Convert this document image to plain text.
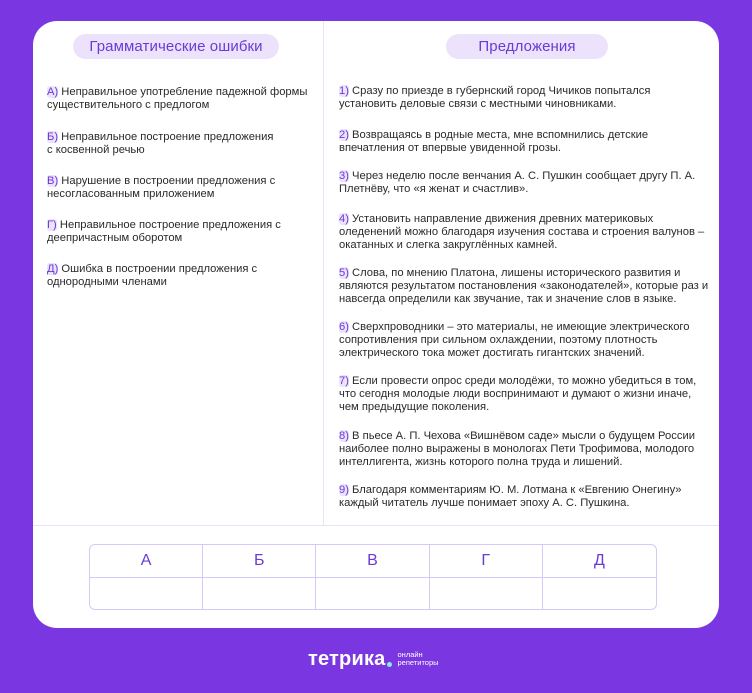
Грамматические ошибки	Предложения
А) Неправильное употребление падежной формы существительного с предлогом
Б) Неправильное построение предложения с косвенной речью
В) Нарушение в построении предложения с несогласованным приложением
Г) Неправильное построение предложения с деепричастным оборотом
Д) Ошибка в построении предложения с однородными членами
1) Сразу по приезде в губернский город Чичиков попытался установить деловые связи с местными чиновниками.
2) Возвращаясь в родные места, мне вспомнились детские впечатления от впервые увиденной грозы.
3) Через неделю после венчания А. С. Пушкин сообщает другу П. А. Плетнёву, что «я женат и счастлив».
4) Установить направление движения древних материковых оледенений можно благодаря изучения состава и строения валунов – окатанных и слегка закруглённых камней.
5) Слова, по мнению Платона, лишены исторического развития и являются результатом постановления «законодателей», которые раз и навсегда определили как звучание, так и значение слов в языке.
6) Сверхпроводники – это материалы, не имеющие электрического сопротивления при сильном охлаждении, поэтому плотность электрического тока может достигать гигантских значений.
7) Если провести опрос среди молодёжи, то можно убедиться в том, что сегодня молодые люди воспринимают и думают о жизни иначе, чем предыдущие поколения.
8) В пьесе А. П. Чехова «Вишнёвом саде» мысли о будущем России наиболее полно выражены в монологах Пети Трофимова, молодого интеллигента, жизнь которого полна труда и лишений.
9) Благодаря комментариям Ю. М. Лотмана к «Евгению Онегину» каждый читатель лучше понимает эпоху А. С. Пушкина.
А	Б	В	Г	Д
тетрика онлайн
репетиторы
